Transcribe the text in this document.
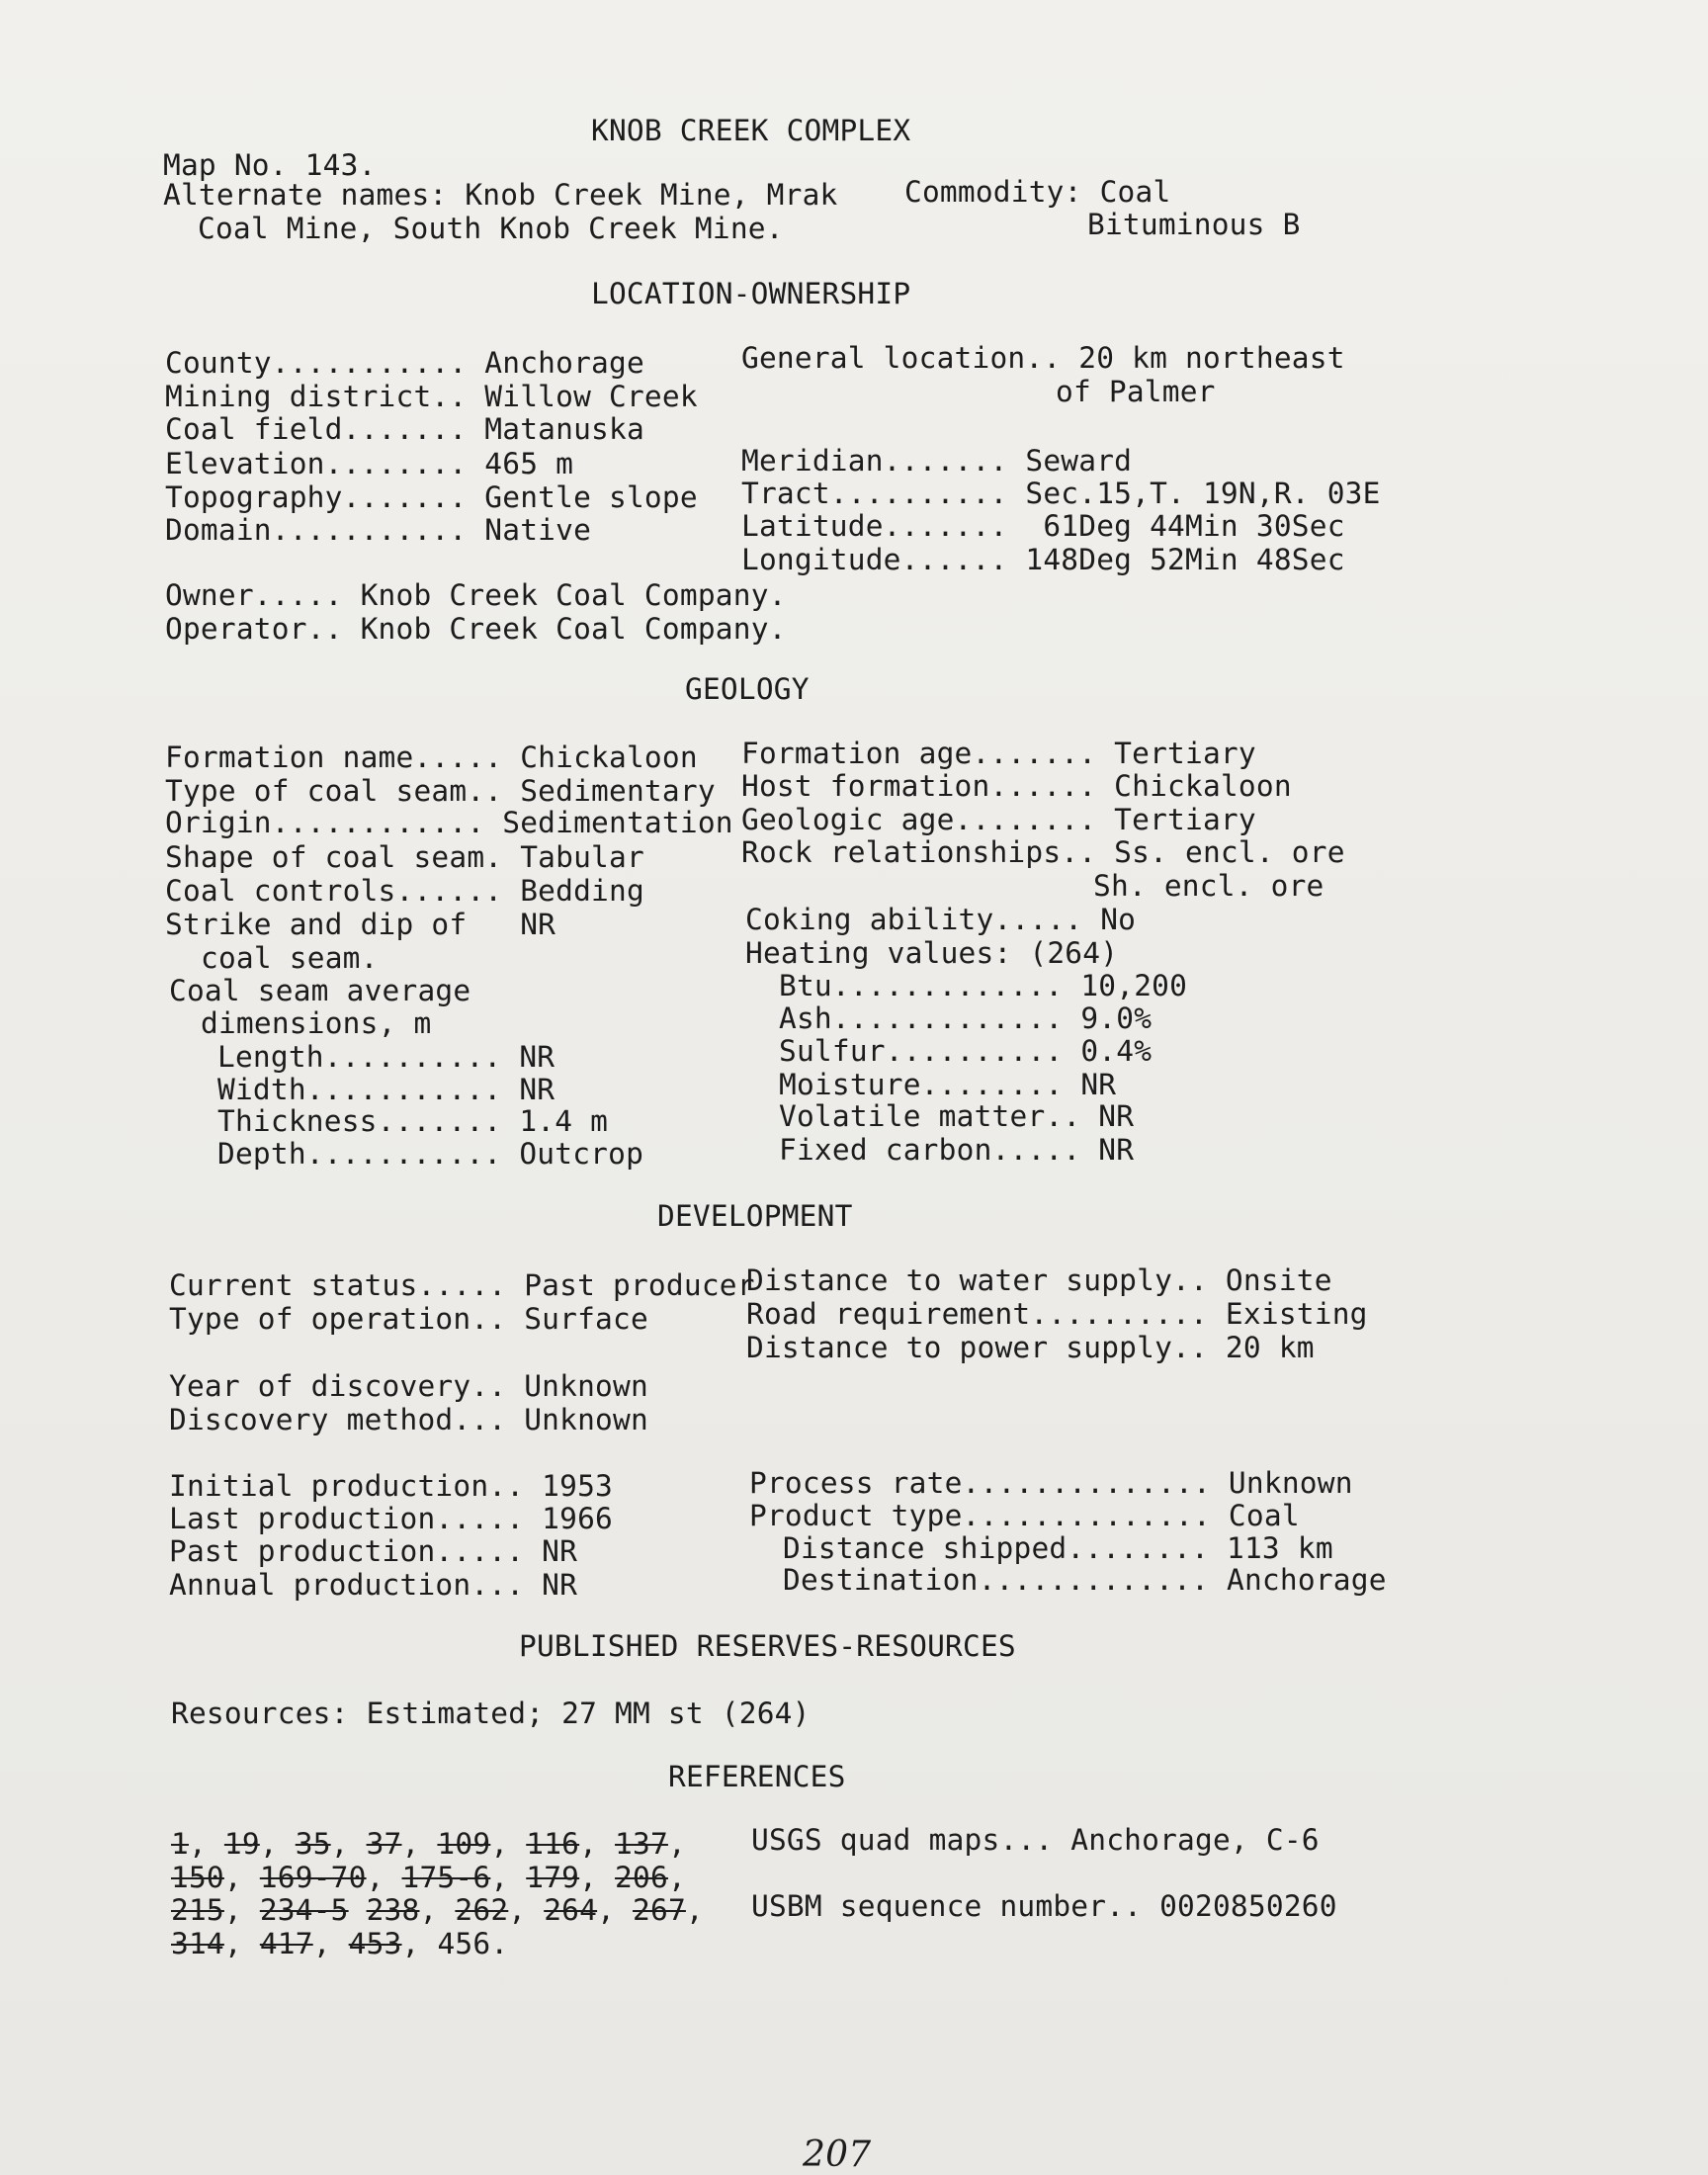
KNOB CREEK COMPLEX
Map No. 143.
Alternate names: Knob Creek Mine, Mrak
Coal Mine, South Knob Creek Mine.
Commodity: Coal
Bituminous B
LOCATION-OWNERSHIP
County........... Anchorage
Mining district.. Willow Creek
Coal field....... Matanuska
Elevation........ 465 m
Topography....... Gentle slope
Domain........... Native
General location.. 20 km northeast
of Palmer
Meridian....... Seward
Tract.......... Sec.15,T. 19N,R. 03E
Latitude.......  61Deg 44Min 30Sec
Longitude...... 148Deg 52Min 48Sec
Owner..... Knob Creek Coal Company.
Operator.. Knob Creek Coal Company.
GEOLOGY
Formation name..... Chickaloon
Type of coal seam.. Sedimentary
Origin............ Sedimentation
Shape of coal seam. Tabular
Coal controls...... Bedding
Strike and dip of   NR
coal seam.
Coal seam average
dimensions, m
Length.......... NR
Width........... NR
Thickness....... 1.4 m
Depth........... Outcrop
Formation age....... Tertiary
Host formation...... Chickaloon
Geologic age........ Tertiary
Rock relationships.. Ss. encl. ore
Sh. encl. ore
Coking ability..... No
Heating values: (264)
Btu............. 10,200
Ash............. 9.0%
Sulfur.......... 0.4%
Moisture........ NR
Volatile matter.. NR
Fixed carbon..... NR
DEVELOPMENT
Current status..... Past producer
Type of operation.. Surface
Year of discovery.. Unknown
Discovery method... Unknown
Initial production.. 1953
Last production..... 1966
Past production..... NR
Annual production... NR
Distance to water supply.. Onsite
Road requirement.......... Existing
Distance to power supply.. 20 km
Process rate.............. Unknown
Product type.............. Coal
Distance shipped........ 113 km
Destination............. Anchorage
PUBLISHED RESERVES-RESOURCES
Resources: Estimated; 27 MM st (264)
REFERENCES
1, 19, 35, 37, 109, 116, 137,
150, 169-70, 175-6, 179, 206,
215, 234-5 238, 262, 264, 267,
314, 417, 453, 456.
USGS quad maps... Anchorage, C-6
USBM sequence number.. 0020850260
207
